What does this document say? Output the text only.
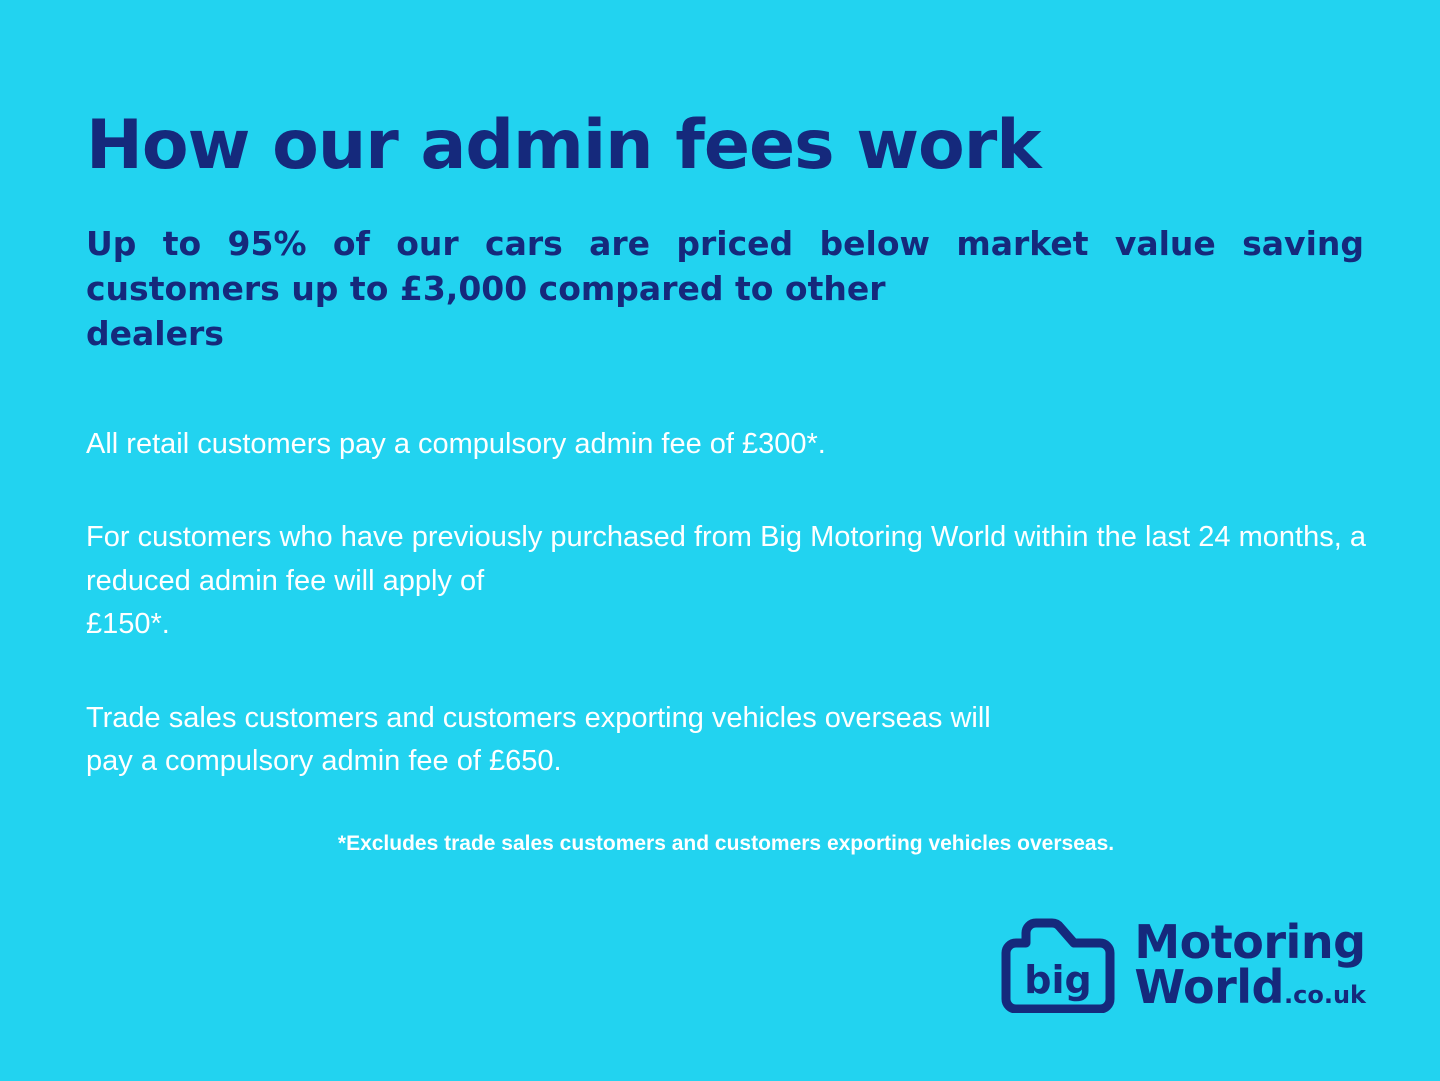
How our admin fees work

Up to 95% of our cars are priced below market value saving customers up to £3,000 compared to other
dealers

All retail customers pay a compulsory admin fee of £300*.

For customers who have previously purchased from Big Motoring World within the last 24 months, a reduced admin fee will apply of
£150*.

Trade sales customers and customers exporting vehicles overseas will
pay a compulsory admin fee of £650.

*Excludes trade sales customers and customers exporting vehicles overseas.
big
Motoring
World.co.uk
